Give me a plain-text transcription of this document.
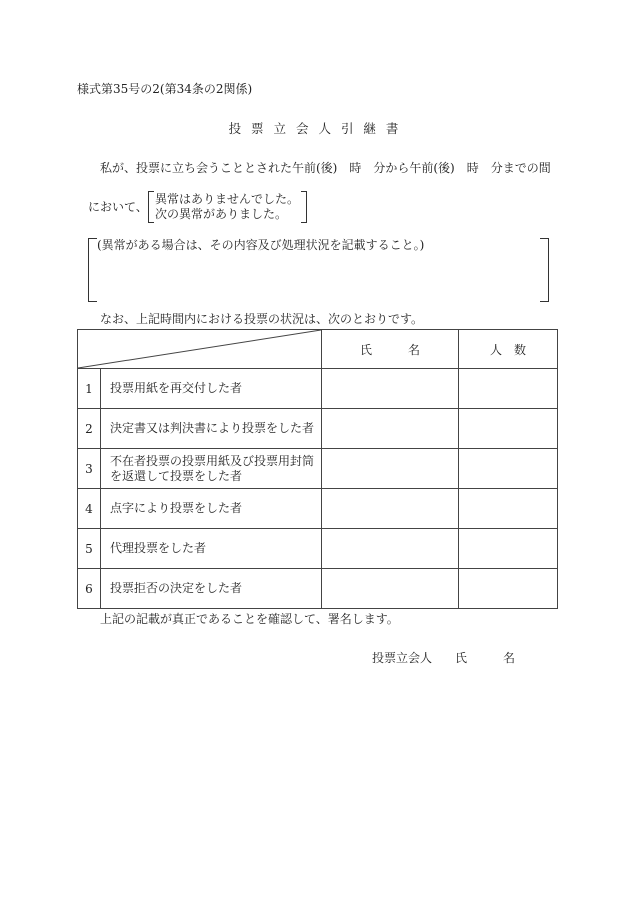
様式第35号の2(第34条の2関係)
投 票 立 会 人 引 継 書
私が、投票に立ち会うこととされた午前(後)　時　分から午前(後)　時　分までの間
において、
異常はありませんでした。
次の異常がありました。
(異常がある場合は、その内容及び処理状況を記載すること。)
なお、上記時間内における投票の状況は、次のとおりです。
	氏　　　名	人　数
1	投票用紙を再交付した者		
2	決定書又は判決書により投票をした者		
3	不在者投票の投票用紙及び投票用封筒
を返還して投票をした者		
4	点字により投票をした者		
5	代理投票をした者		
6	投票拒否の決定をした者		
上記の記載が真正であることを確認して、署名します。
投票立会人 氏　　　名
